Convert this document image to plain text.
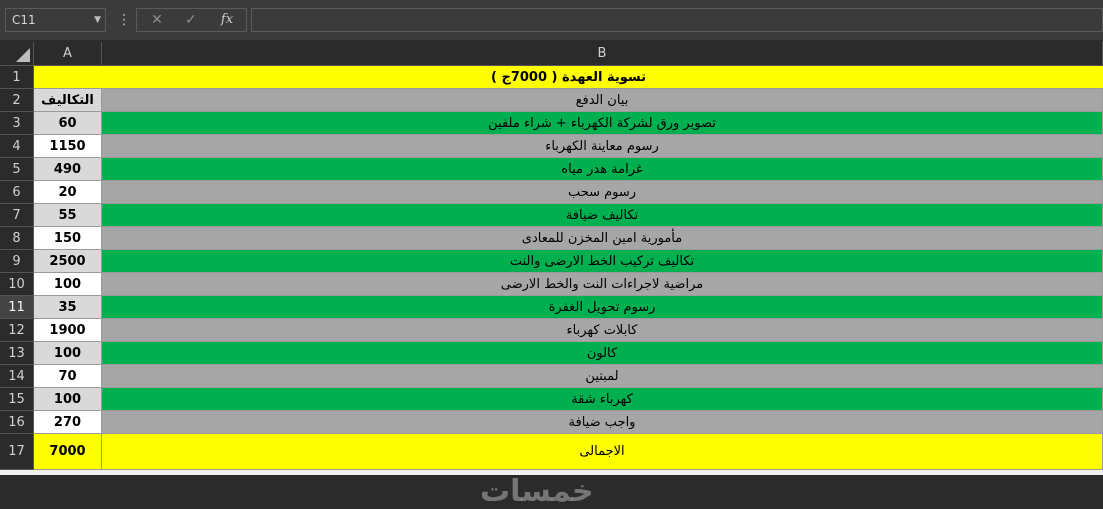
C11	▼ ⋮	✕	✓	fx
A	B
خمسات
1	تسوية العهدة ( 7000ج )
2	التكاليف	بيان الدفع
3	60	تصوير ورق لشركة الكهرباء + شراء ملفين
4	1150	رسوم معاينة الكهرباء
5	490	غرامة هدر مياه
6	20	رسوم سحب
7	55	تكاليف ضيافة
8	150	مأمورية امين المخزن للمعادى
9	2500	تكاليف تركيب الخط الارضى والنت
10	100	مراضية لاجراءات النت والخط الارضى
11	35	رسوم تحويل الغفرة
12	1900	كابلات كهرباء
13	100	كالون
14	70	لمبتين
15	100	كهرباء شقة
16	270	واجب ضيافة
17	7000	الاجمالى
